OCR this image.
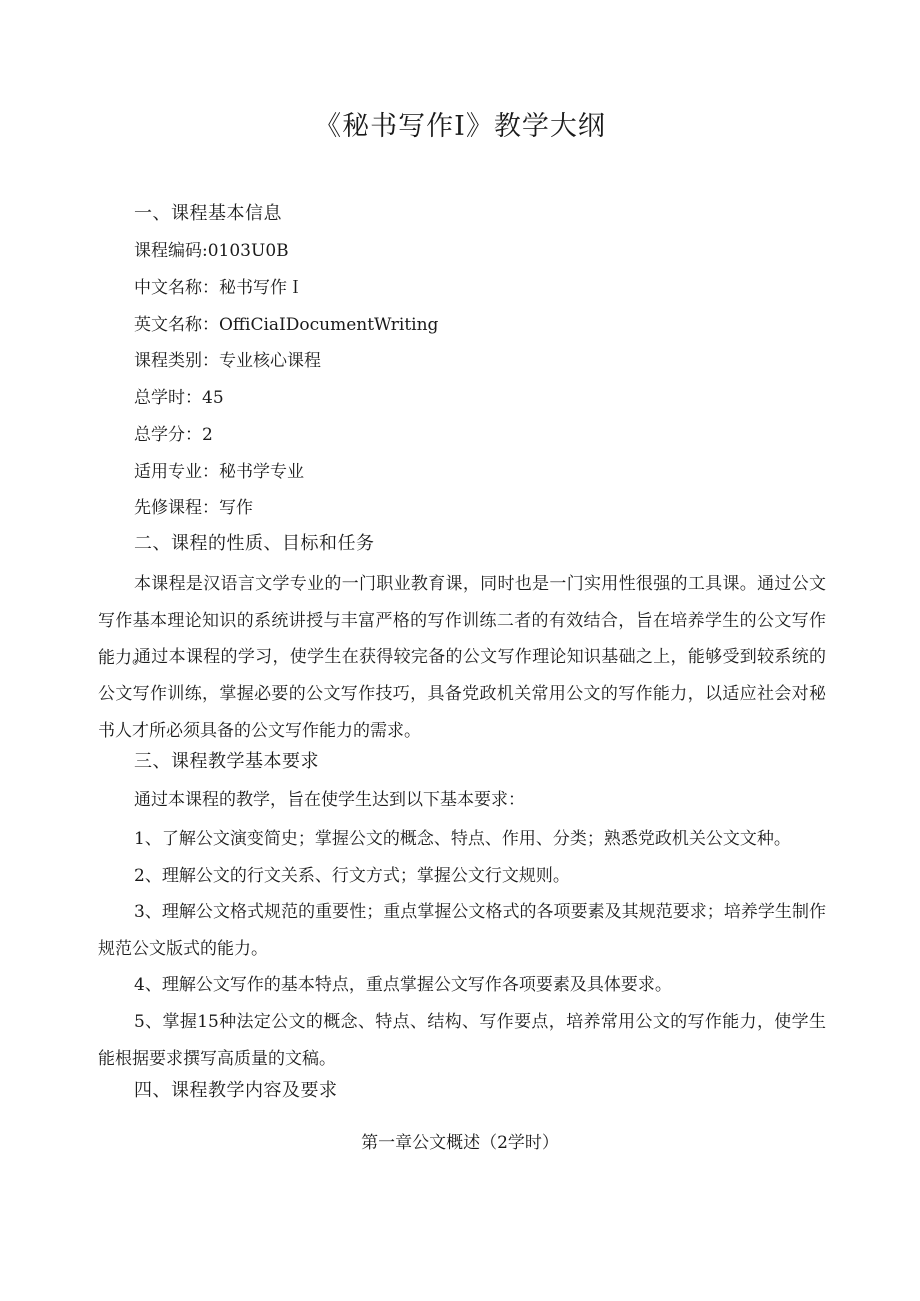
《秘书写作I》教学大纲

一、课程基本信息

课程编码:0103U0B

中文名称：秘书写作Ｉ

英文名称：OffiCiaIDocumentWriting

课程类别：专业核心课程

总学时：45

总学分：2

适用专业：秘书学专业

先修课程：写作

二、课程的性质、目标和任务

本课程是汉语言文学专业的一门职业教育课，同时也是一门实用性很强的工具课。通过公文写作基本理论知识的系统讲授与丰富严格的写作训练二者的有效结合，旨在培养学生的公文写作能力。

通过本课程的学习，使学生在获得较完备的公文写作理论知识基础之上，能够受到较系统的公文写作训练，掌握必要的公文写作技巧，具备党政机关常用公文的写作能力，以适应社会对秘书人才所必须具备的公文写作能力的需求。

三、课程教学基本要求

通过本课程的教学，旨在使学生达到以下基本要求：

1、了解公文演变简史；掌握公文的概念、特点、作用、分类；熟悉党政机关公文文种。

2、理解公文的行文关系、行文方式；掌握公文行文规则。

3、理解公文格式规范的重要性；重点掌握公文格式的各项要素及其规范要求；培养学生制作规范公文版式的能力。

4、理解公文写作的基本特点，重点掌握公文写作各项要素及具体要求。

5、掌握15种法定公文的概念、特点、结构、写作要点，培养常用公文的写作能力，使学生能根据要求撰写高质量的文稿。

四、课程教学内容及要求

第一章公文概述（2学时）
